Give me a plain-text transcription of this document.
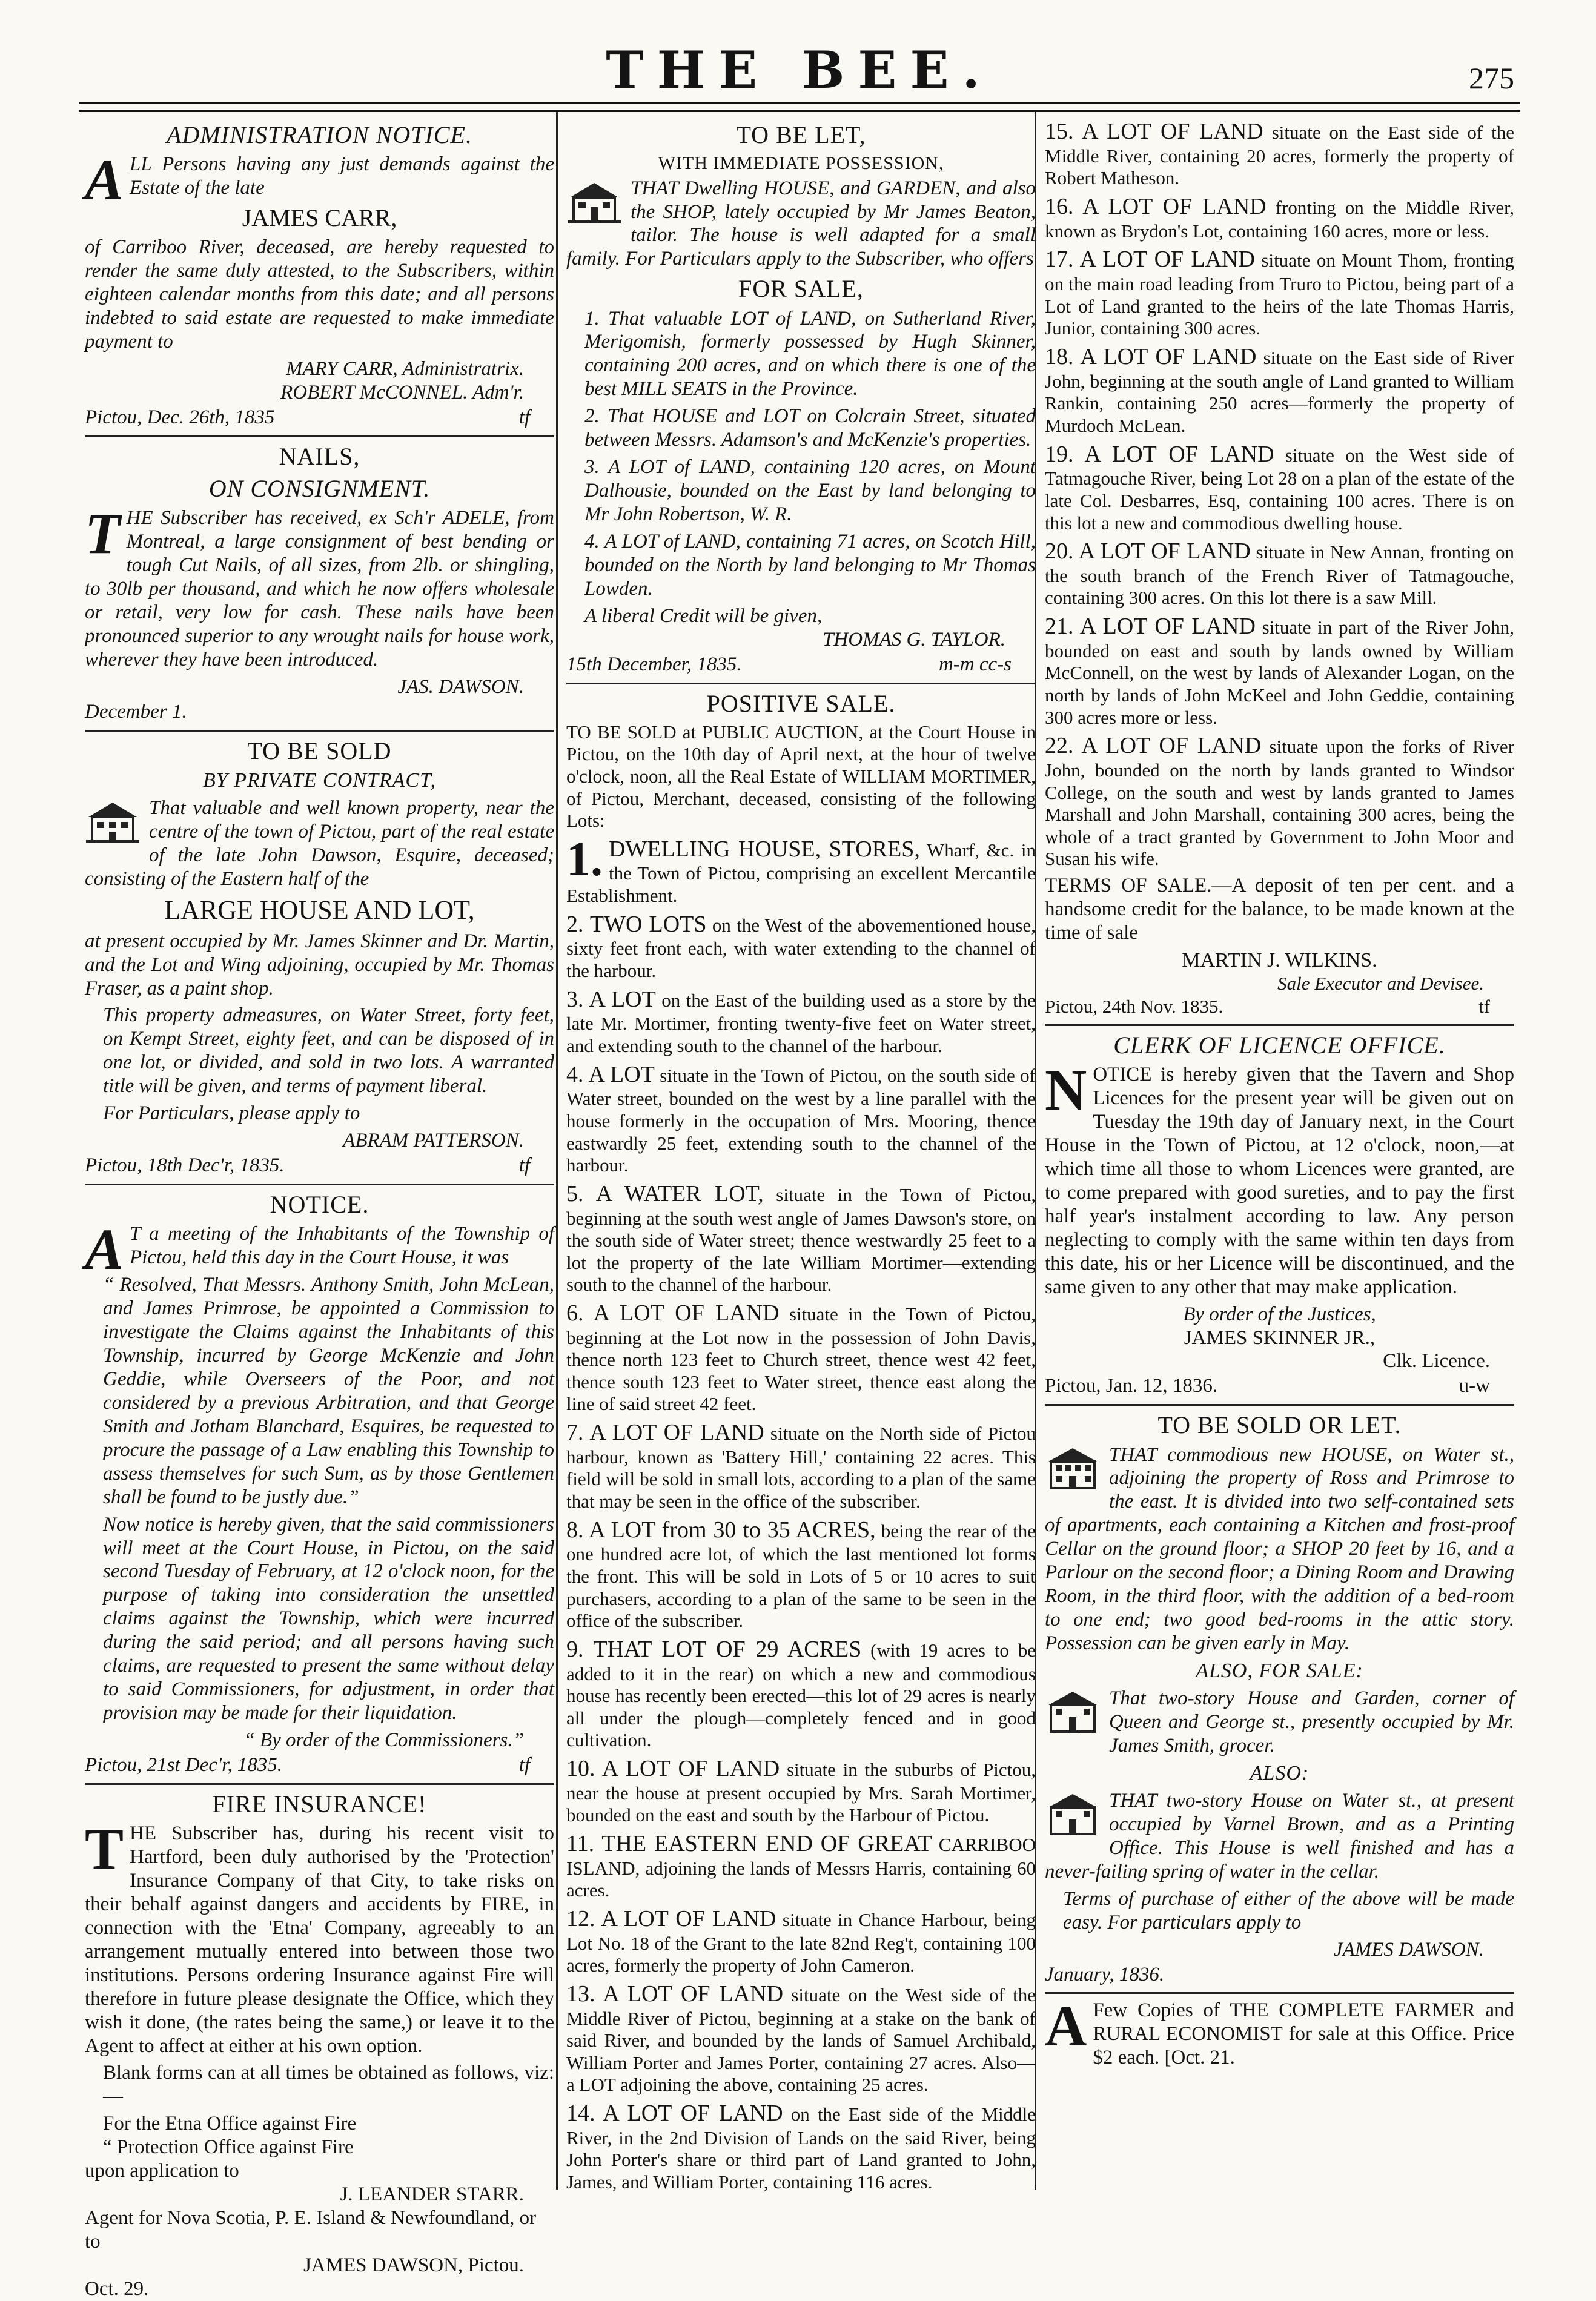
THE BEE.	275
ADMINISTRATION NOTICE.

ALL Persons having any just demands against the Estate of the late

JAMES CARR,

of Carriboo River, deceased, are hereby requested to render the same duly attested, to the Subscribers, within eighteen calendar months from this date; and all persons indebted to said estate are requested to make immediate payment to

MARY CARR, Administratrix.
ROBERT McCONNEL. Adm'r.
Pictou, Dec. 26th, 1835	tf
NAILS,
ON CONSIGNMENT.

THE Subscriber has received, ex Sch'r ADELE, from Montreal, a large consignment of best bending or tough Cut Nails, of all sizes, from 2lb. or shingling, to 30lb per thousand, and which he now offers wholesale or retail, very low for cash. These nails have been pronounced superior to any wrought nails for house work, wherever they have been introduced.

JAS. DAWSON.
December 1.
TO BE SOLD
BY PRIVATE CONTRACT,

That valuable and well known property, near the centre of the town of Pictou, part of the real estate of the late John Dawson, Esquire, deceased; consisting of the Eastern half of the

LARGE HOUSE AND LOT,

at present occupied by Mr. James Skinner and Dr. Martin, and the Lot and Wing adjoining, occupied by Mr. Thomas Fraser, as a paint shop.

This property admeasures, on Water Street, forty feet, on Kempt Street, eighty feet, and can be disposed of in one lot, or divided, and sold in two lots. A warranted title will be given, and terms of payment liberal.

For Particulars, please apply to

ABRAM PATTERSON.
Pictou, 18th Dec'r, 1835.	tf
NOTICE.

A T a meeting of the Inhabitants of the Township of Pictou, held this day in the Court House, it was

“ Resolved, That Messrs. Anthony Smith, John McLean, and James Primrose, be appointed a Commission to investigate the Claims against the Inhabitants of this Township, incurred by George McKenzie and John Geddie, while Overseers of the Poor, and not considered by a previous Arbitration, and that George Smith and Jotham Blanchard, Esquires, be requested to procure the passage of a Law enabling this Township to assess themselves for such Sum, as by those Gentlemen shall be found to be justly due.”

Now notice is hereby given, that the said commissioners will meet at the Court House, in Pictou, on the said second Tuesday of February, at 12 o'clock noon, for the purpose of taking into consideration the unsettled claims against the Township, which were incurred during the said period; and all persons having such claims, are requested to present the same without delay to said Commissioners, for adjustment, in order that provision may be made for their liquidation.

“ By order of the Commissioners.”
Pictou, 21st Dec'r, 1835.	tf
FIRE INSURANCE!

THE Subscriber has, during his recent visit to Hartford, been duly authorised by the 'Protection' Insurance Company of that City, to take risks on their behalf against dangers and accidents by FIRE, in connection with the 'Etna' Company, agreeably to an arrangement mutually entered into between those two institutions. Persons ordering Insurance against Fire will therefore in future please designate the Office, which they wish it done, (the rates being the same,) or leave it to the Agent to affect at either at his own option.

Blank forms can at all times be obtained as follows, viz:—

For the Etna Office against Fire
“ Protection Office against Fire
upon application to
J. LEANDER STARR.
Agent for Nova Scotia, P. E. Island & Newfoundland, or to
JAMES DAWSON, Pictou.
Oct. 29.
TO BE LET,
WITH IMMEDIATE POSSESSION,

THAT Dwelling HOUSE, and GARDEN, and also the SHOP, lately occupied by Mr James Beaton, tailor. The house is well adapted for a small family. For Particulars apply to the Subscriber, who offers

FOR SALE,

1. That valuable LOT of LAND, on Sutherland River, Merigomish, formerly possessed by Hugh Skinner, containing 200 acres, and on which there is one of the best MILL SEATS in the Province.

2. That HOUSE and LOT on Colcrain Street, situated between Messrs. Adamson's and McKenzie's properties.

3. A LOT of LAND, containing 120 acres, on Mount Dalhousie, bounded on the East by land belonging to Mr John Robertson, W. R.

4. A LOT of LAND, containing 71 acres, on Scotch Hill, bounded on the North by land belonging to Mr Thomas Lowden.

A liberal Credit will be given,
THOMAS G. TAYLOR.
15th December, 1835.	m-m cc-s
POSITIVE SALE.

TO BE SOLD at PUBLIC AUCTION, at the Court House in Pictou, on the 10th day of April next, at the hour of twelve o'clock, noon, all the Real Estate of WILLIAM MORTIMER, of Pictou, Merchant, deceased, consisting of the following Lots:

1. DWELLING HOUSE, STORES, Wharf, &c. in the Town of Pictou, comprising an excellent Mercantile Establishment.

2. TWO LOTS on the West of the abovementioned house, sixty feet front each, with water extending to the channel of the harbour.

3. A LOT on the East of the building used as a store by the late Mr. Mortimer, fronting twenty-five feet on Water street, and extending south to the channel of the harbour.

4. A LOT situate in the Town of Pictou, on the south side of Water street, bounded on the west by a line parallel with the house formerly in the occupation of Mrs. Mooring, thence eastwardly 25 feet, extending south to the channel of the harbour.

5. A WATER LOT, situate in the Town of Pictou, beginning at the south west angle of James Dawson's store, on the south side of Water street; thence westwardly 25 feet to a lot the property of the late William Mortimer—extending south to the channel of the harbour.

6. A LOT OF LAND situate in the Town of Pictou, beginning at the Lot now in the possession of John Davis, thence north 123 feet to Church street, thence west 42 feet, thence south 123 feet to Water street, thence east along the line of said street 42 feet.

7. A LOT OF LAND situate on the North side of Pictou harbour, known as 'Battery Hill,' containing 22 acres. This field will be sold in small lots, according to a plan of the same that may be seen in the office of the subscriber.

8. A LOT from 30 to 35 ACRES, being the rear of the one hundred acre lot, of which the last mentioned lot forms the front. This will be sold in Lots of 5 or 10 acres to suit purchasers, according to a plan of the same to be seen in the office of the subscriber.

9. THAT LOT OF 29 ACRES (with 19 acres to be added to it in the rear) on which a new and commodious house has recently been erected—this lot of 29 acres is nearly all under the plough—completely fenced and in good cultivation.

10. A LOT OF LAND situate in the suburbs of Pictou, near the house at present occupied by Mrs. Sarah Mortimer, bounded on the east and south by the Harbour of Pictou.

11. THE EASTERN END OF GREAT CARRIBOO ISLAND, adjoining the lands of Messrs Harris, containing 60 acres.

12. A LOT OF LAND situate in Chance Harbour, being Lot No. 18 of the Grant to the late 82nd Reg't, containing 100 acres, formerly the property of John Cameron.

13. A LOT OF LAND situate on the West side of the Middle River of Pictou, beginning at a stake on the bank of said River, and bounded by the lands of Samuel Archibald, William Porter and James Porter, containing 27 acres. Also—a LOT adjoining the above, containing 25 acres.

14. A LOT OF LAND on the East side of the Middle River, in the 2nd Division of Lands on the said River, being John Porter's share or third part of Land granted to John, James, and William Porter, containing 116 acres.

15. A LOT OF LAND situate on the East side of the Middle River, containing 20 acres, formerly the property of Robert Matheson.

16. A LOT OF LAND fronting on the Middle River, known as Brydon's Lot, containing 160 acres, more or less.

17. A LOT OF LAND situate on Mount Thom, fronting on the main road leading from Truro to Pictou, being part of a Lot of Land granted to the heirs of the late Thomas Harris, Junior, containing 300 acres.

18. A LOT OF LAND situate on the East side of River John, beginning at the south angle of Land granted to William Rankin, containing 250 acres—formerly the property of Murdoch McLean.

19. A LOT OF LAND situate on the West side of Tatmagouche River, being Lot 28 on a plan of the estate of the late Col. Desbarres, Esq, containing 100 acres. There is on this lot a new and commodious dwelling house.

20. A LOT OF LAND situate in New Annan, fronting on the south branch of the French River of Tatmagouche, containing 300 acres. On this lot there is a saw Mill.

21. A LOT OF LAND situate in part of the River John, bounded on east and south by lands owned by William McConnell, on the west by lands of Alexander Logan, on the north by lands of John McKeel and John Geddie, containing 300 acres more or less.

22. A LOT OF LAND situate upon the forks of River John, bounded on the north by lands granted to Windsor College, on the south and west by lands granted to James Marshall and John Marshall, containing 300 acres, being the whole of a tract granted by Government to John Moor and Susan his wife.

TERMS OF SALE.—A deposit of ten per cent. and a handsome credit for the balance, to be made known at the time of sale

MARTIN J. WILKINS.
Sale Executor and Devisee.
Pictou, 24th Nov. 1835.	tf
CLERK OF LICENCE OFFICE.

NOTICE is hereby given that the Tavern and Shop Licences for the present year will be given out on Tuesday the 19th day of January next, in the Court House in the Town of Pictou, at 12 o'clock, noon,—at which time all those to whom Licences were granted, are to come prepared with good sureties, and to pay the first half year's instalment according to law. Any person neglecting to comply with the same within ten days from this date, his or her Licence will be discontinued, and the same given to any other that may make application.

By order of the Justices,
JAMES SKINNER JR.,
Clk. Licence.
Pictou, Jan. 12, 1836.	u-w
TO BE SOLD OR LET.

THAT commodious new HOUSE, on Water st., adjoining the property of Ross and Primrose to the east. It is divided into two self-contained sets of apartments, each containing a Kitchen and frost-proof Cellar on the ground floor; a SHOP 20 feet by 16, and a Parlour on the second floor; a Dining Room and Drawing Room, in the third floor, with the addition of a bed-room to one end; two good bed-rooms in the attic story. Possession can be given early in May.

ALSO, FOR SALE:

That two-story House and Garden, corner of Queen and George st., presently occupied by Mr. James Smith, grocer.

ALSO:

THAT two-story House on Water st., at present occupied by Varnel Brown, and as a Printing Office. This House is well finished and has a never-failing spring of water in the cellar.

Terms of purchase of either of the above will be made easy. For particulars apply to

JAMES DAWSON.
January, 1836.

A Few Copies of THE COMPLETE FARMER and RURAL ECONOMIST for sale at this Office. Price $2 each. [Oct. 21.
